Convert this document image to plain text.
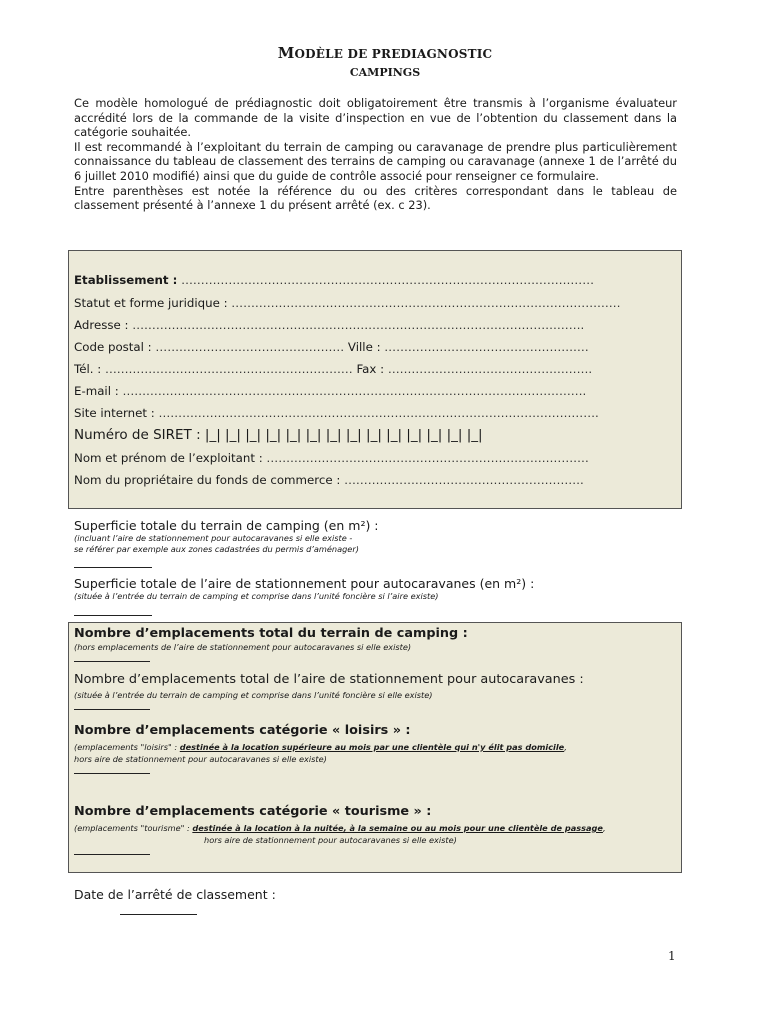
MODÈLE DE PREDIAGNOSTIC
CAMPINGS

Ce modèle homologué de prédiagnostic doit obligatoirement être transmis à l’organisme évaluateur accrédité lors de la commande de la visite d’inspection en vue de l’obtention du classement dans la catégorie souhaitée.

Il est recommandé à l’exploitant du terrain de camping ou caravanage de prendre plus particulièrement connaissance du tableau de classement des terrains de camping ou caravanage (annexe 1 de l’arrêté du 6 juillet 2010 modifié) ainsi que du guide de contrôle associé pour renseigner ce formulaire.

Entre parenthèses est notée la référence du ou des critères correspondant dans le tableau de classement présenté à l’annexe 1 du présent arrêté (ex. c 23).

Etablissement : ……………………………………………………………………………………………
Statut et forme juridique : ………………………………………………………………………………………
Adresse : …………………………………………………………………………………………………….
Code postal : ………………………………………… Ville : …………………………………………….
Tél. : ……………………………………………………… Fax : …………………………………………….
E-mail : ……………………………………………………………………………………………………….
Site internet : ………………………………………………………………………………………………….
Numéro de SIRET : |_| |_| |_| |_| |_| |_| |_| |_| |_| |_| |_| |_| |_| |_|
Nom et prénom de l’exploitant : ……………………………………………………………………….
Nom du propriétaire du fonds de commerce : …………………………………………………….
Superficie totale du terrain de camping (en m²) :
(incluant l’aire de stationnement pour autocaravanes si elle existe -
se référer par exemple aux zones cadastrées du permis d’aménager)
Superficie totale de l’aire de stationnement pour autocaravanes (en m²) :
(située à l’entrée du terrain de camping et comprise dans l’unité foncière si l’aire existe)
Nombre d’emplacements total du terrain de camping :
(hors emplacements de l’aire de stationnement pour autocaravanes si elle existe)
Nombre d’emplacements total de l’aire de stationnement pour autocaravanes :
(située à l’entrée du terrain de camping et comprise dans l’unité foncière si elle existe)
Nombre d’emplacements catégorie « loisirs » :
(emplacements "loisirs" : destinée à la location supérieure au mois par une clientèle qui n'y élit pas domicile,
hors aire de stationnement pour autocaravanes si elle existe)
Nombre d’emplacements catégorie « tourisme » :
(emplacements "tourisme" : destinée à la location à la nuitée, à la semaine ou au mois pour une clientèle de passage,hors aire de stationnement pour autocaravanes si elle existe)
Date de l’arrêté de classement :
1
